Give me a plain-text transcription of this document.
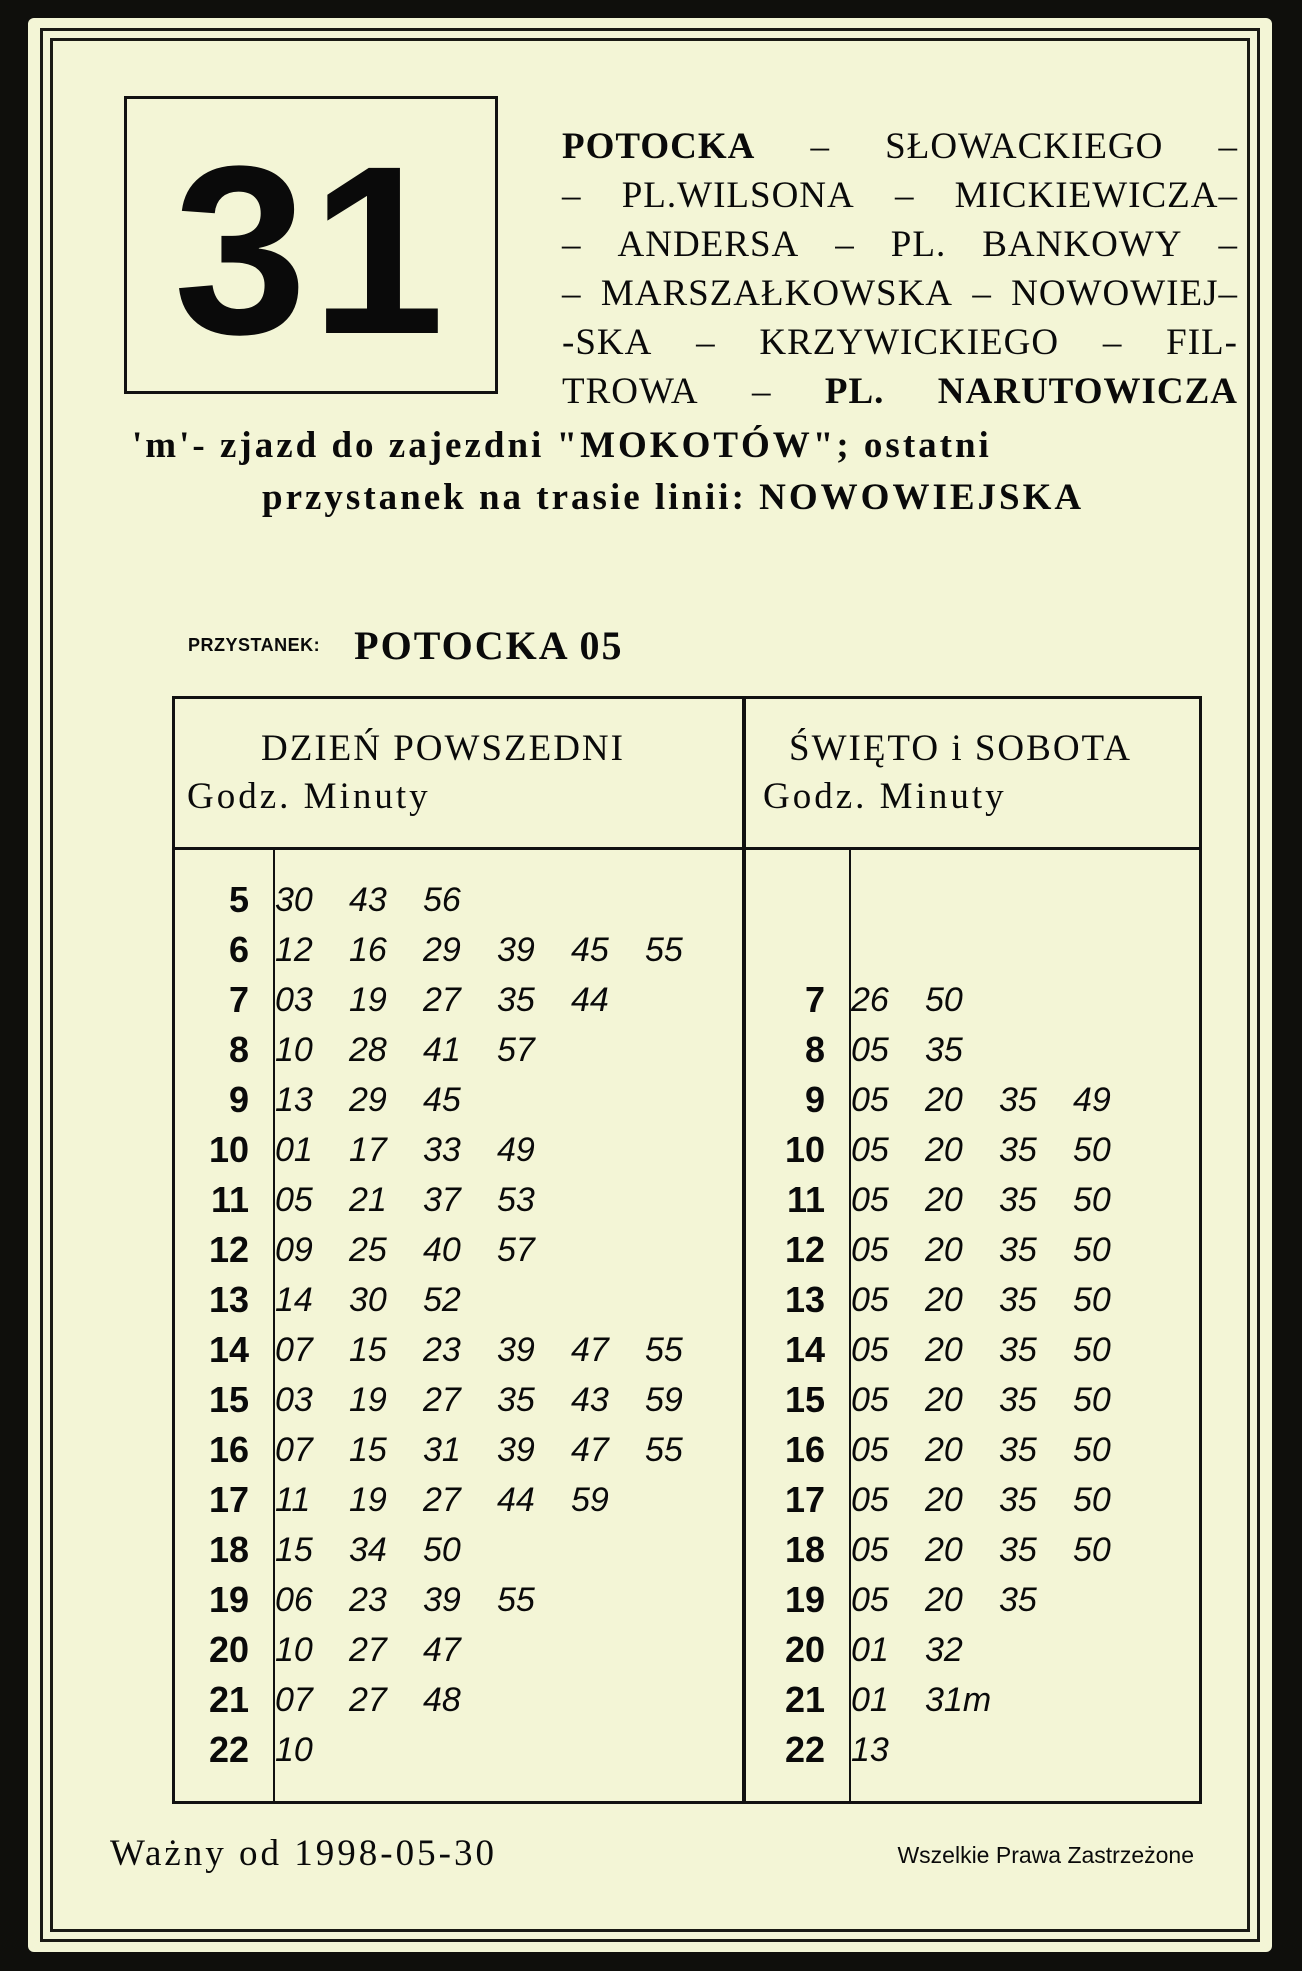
31	POTOCKA – SŁOWACKIEGO –
– PL.WILSONA – MICKIEWICZA–
– ANDERSA – PL. BANKOWY –
– MARSZAŁKOWSKA – NOWOWIEJ–
-SKA – KRZYWICKIEGO – FIL-
TROWA – PL. NARUTOWICZA
'm'- zjazd do zajezdni "MOKOTÓW"; ostatni
przystanek na trasie linii: NOWOWIEJSKA
PRZYSTANEK: POTOCKA 05
DZIEŃ POWSZEDNI
Godz. Minuty
ŚWIĘTO i SOBOTA
Godz. Minuty
5 30 43 56
6 12 16 29 39 45 55
7 03 19 27 35 44
8 10 28 41 57
9 13 29 45
10 01 17 33 49
11 05 21 37 53
12 09 25 40 57
13 14 30 52
14 07 15 23 39 47 55
15 03 19 27 35 43 59
16 07 15 31 39 47 55
17 11 19 27 44 59
18 15 34 50
19 06 23 39 55
20 10 27 47
21 07 27 48
22 10
7 26 50
8 05 35
9 05 20 35 49
10 05 20 35 50
11 05 20 35 50
12 05 20 35 50
13 05 20 35 50
14 05 20 35 50
15 05 20 35 50
16 05 20 35 50
17 05 20 35 50
18 05 20 35 50
19 05 20 35
20 01 32
21 01 31m
22 13
Ważny od 1998-05-30	Wszelkie Prawa Zastrzeżone
